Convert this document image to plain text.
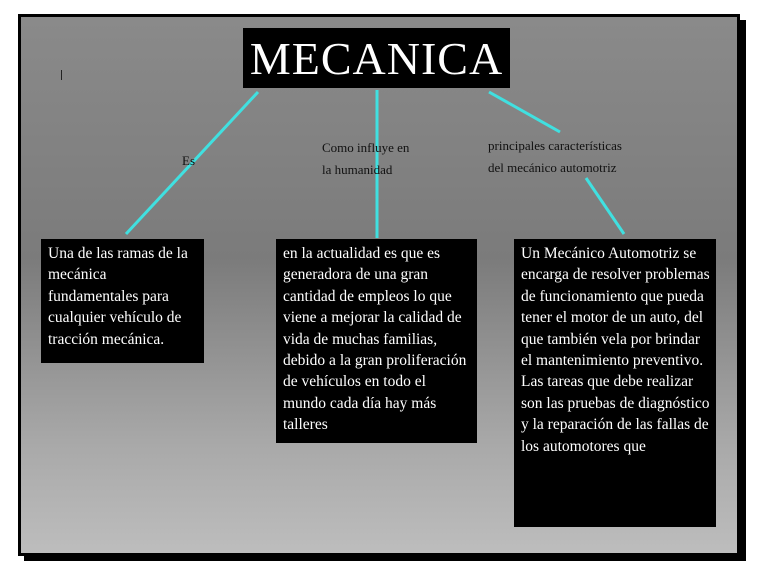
MECANICA
Es
Como influye en
la humanidad
principales características
del mecánico automotriz
Una de las ramas de la mecánica fundamentales para cualquier vehículo de tracción mecánica.
en la actualidad es que es generadora de una gran cantidad de empleos lo que viene a mejorar la calidad de vida de muchas familias, debido a la gran proliferación de vehículos en todo el mundo cada día hay más talleres
Un Mecánico Automotriz se encarga de resolver problemas de funcionamiento que pueda tener el motor de un auto, del que también vela por brindar el mantenimiento preventivo. Las tareas que debe realizar son las pruebas de diagnóstico y la reparación de las fallas de los automotores que
